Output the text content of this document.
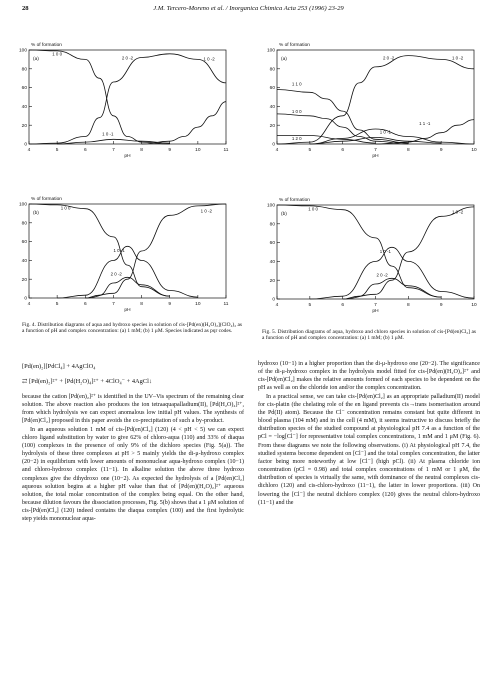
28	J.M. Tercero-Moreno et al. / Inorganica Chimica Acta 253 (1996) 23-29
0
20
40
60
80
100
4	5	6	7	8	9	10	11
% of formation
pH
(a)
1 0 0
2 0 -2	1 0 -2
1 0 -1
0
20
40
60
80
100
4	5	6	7	8	9	10	11
% of formation
pH
(b)
1 0 0
1 0 -2
1 0 -1
2 0 -2
0
20
40
60
80
100
4	5	6	7	8	9	10
% of formation
pH
(a)	2 0 -2	1 0 -2
1 1 0
1 0 0
1 1 -1
1 0 -1
1 2 0
0
20
40
60
80
100
4	5	6	7	8	9	10
% of formation
pH
(b)
1 0 0
1 0 -2
1 0 -1
2 0 -2
Fig. 4. Distribution diagrams of aqua and hydroxo species in solution of cis-[Pd(en)(H₂O)₂](ClO₄)₂ as a function of pH and complex concentration: (a) 1 mM; (b) 1 μM. Species indicated as pqr codes.	Fig. 5. Distribution diagrams of aqua, hydroxo and chloro species in solution of cis-[Pd(en)Cl₂] as a function of pH and complex concentration: (a) 1 mM; (b) 1 μM.
[Pd(en)₂][PdCl₄] + 4AgClO₄
⇄ [Pd(en)₂]²⁺ + [Pd(H₂O)₄]²⁺ + 4ClO₄⁻ + 4AgCl↓

because the cation [Pd(en)₂]²⁺ is identified in the UV–Vis spectrum of the remaining clear solution. The above reaction also produces the ion tetraaquapalladium(II), [Pd(H₂O)₄]²⁺, from which hydrolysis we can expect anomalous low initial pH values. The synthesis of [Pd(en)Cl₂] proposed in this paper avoids the co-precipitation of such a by-product.

In an aqueous solution 1 mM of cis-[Pd(en)Cl₂] (120) (4 < pH < 5) we can expect chloro ligand substitution by water to give 62% of chloro-aqua (110) and 33% of diaqua (100) complexes in the presence of only 9% of the dichloro species (Fig. 5(a)). The hydrolysis of these three complexes at pH > 5 mainly yields the di-μ-hydroxo complex (20−2) in equilibrium with lower amounts of mononuclear aqua-hydroxo complex (10−1) and chloro-hydroxo complex (11−1). In alkaline solution the above three hydroxo complexes give the dihydroxo one (10−2). As expected the hydrolysis of a [Pd(en)Cl₂] aqueous solution begins at a higher pH value than that of [Pd(en)(H₂O)₂]²⁺ aqueous solution, the total molar concentration of the complex being equal. On the other hand, because dilution favours the dissociation processes, Fig. 5(b) shows that a 1 μM solution of cis-[Pd(en)Cl₂] (120) indeed contains the diaqua complex (100) and the first hydrolytic step yields mononuclear aqua-

hydroxo (10−1) in a higher proportion than the di-μ-hydroxo one (20−2). The significance of the di-μ-hydroxo complex in the hydrolysis model fitted for cis-[Pd(en)(H₂O)₂]²⁺ and cis-[Pd(en)Cl₂] makes the relative amounts formed of each species to be dependent on the pH as well as on the chloride ion and/or the complex concentration.

In a practical sense, we can take cis-[Pd(en)Cl₂] as an appropriate palladium(II) model for cis-platin (the chelating role of the en ligand prevents cis→trans isomerisation around the Pd(II) atom). Because the Cl⁻ concentration remains constant but quite different in blood plasma (104 mM) and in the cell (4 mM), it seems instructive to discuss briefly the distribution species of the studied compound at physiological pH 7.4 as a function of the pCl = −log[Cl⁻] for representative total complex concentrations, 1 mM and 1 μM (Fig. 6). From these diagrams we note the following observations. (i) At physiological pH 7.4, the studied systems become dependent on [Cl⁻] and the total complex concentration, the latter factor being more noteworthy at low [Cl⁻] (high pCl). (ii) At plasma chloride ion concentration (pCl = 0.98) and total complex concentrations of 1 mM or 1 μM, the distribution of species is virtually the same, with dominance of the neutral complexes cis-dichloro (120) and cis-chloro-hydroxo (11−1), the latter in lower proportions. (iii) On lowering the [Cl⁻] the neutral dichloro complex (120) gives the neutral chloro-hydroxo (11−1) and the
